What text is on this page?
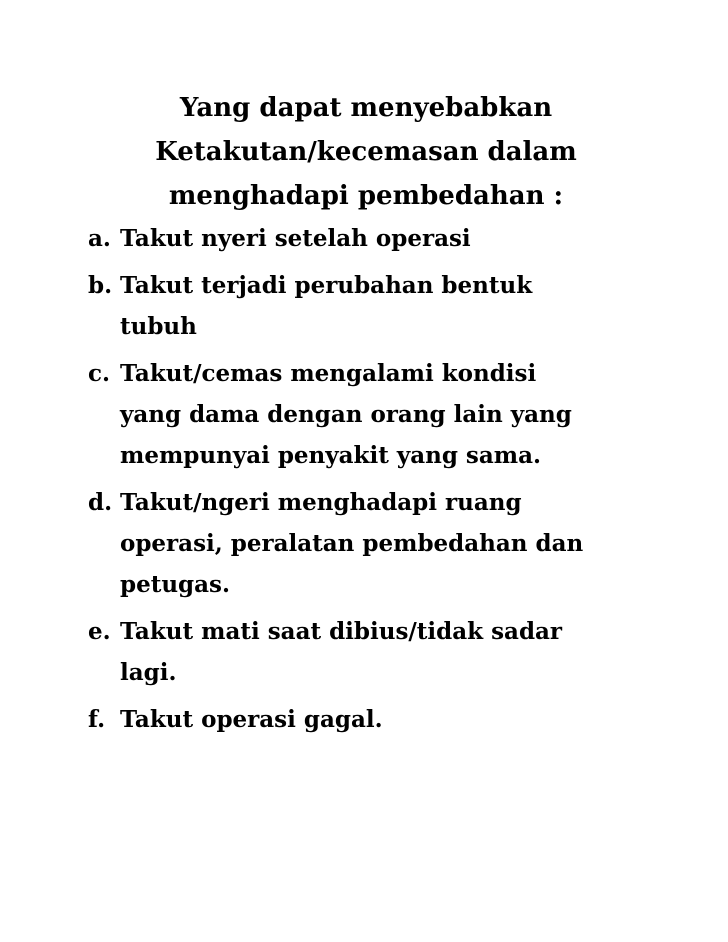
Yang dapat menyebabkan
Ketakutan/kecemasan dalam
menghadapi pembedahan :
a. Takut nyeri setelah operasi
b. Takut terjadi perubahan bentuk
tubuh
c. Takut/cemas mengalami kondisi
yang dama dengan orang lain yang
mempunyai penyakit yang sama.
d. Takut/ngeri menghadapi ruang
operasi, peralatan pembedahan dan
petugas.
e. Takut mati saat dibius/tidak sadar
lagi.
f. Takut operasi gagal.
